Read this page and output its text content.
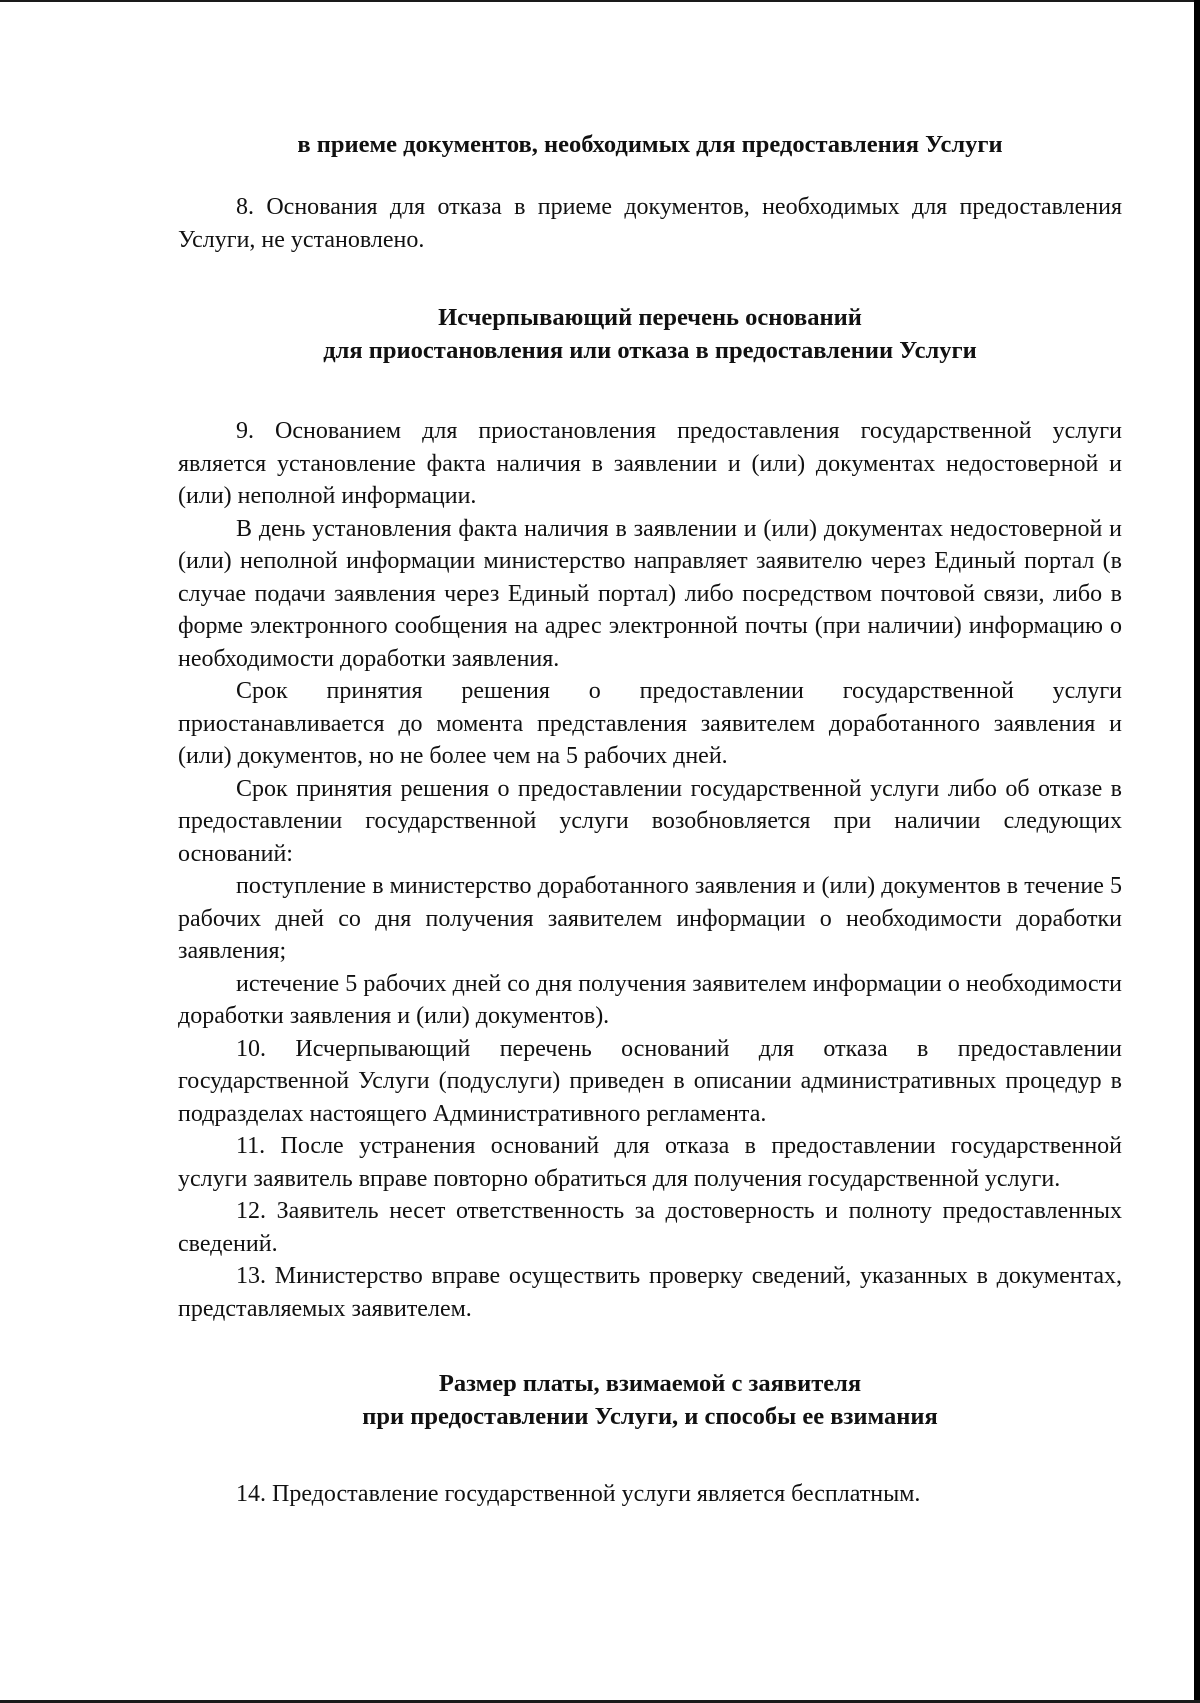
в приеме документов, необходимых для предоставления Услуги

8. Основания для отказа в приеме документов, необходимых для предоставления Услуги, не установлено.

Исчерпывающий перечень оснований
для приостановления или отказа в предоставлении Услуги

9. Основанием для приостановления предоставления государственной услуги является установление факта наличия в заявлении и (или) документах недостоверной и (или) неполной информации.

В день установления факта наличия в заявлении и (или) документах недостоверной и (или) неполной информации министерство направляет заявителю через Единый портал (в случае подачи заявления через Единый портал) либо посредством почтовой связи, либо в форме электронного сообщения на адрес электронной почты (при наличии) информацию о необходимости доработки заявления.

Срок принятия решения о предоставлении государственной услуги приостанавливается до момента представления заявителем доработанного заявления и (или) документов, но не более чем на 5 рабочих дней.

Срок принятия решения о предоставлении государственной услуги либо об отказе в предоставлении государственной услуги возобновляется при наличии следующих оснований:

поступление в министерство доработанного заявления и (или) документов в течение 5 рабочих дней со дня получения заявителем информации о необходимости доработки заявления;

истечение 5 рабочих дней со дня получения заявителем информации о необходимости доработки заявления и (или) документов).

10. Исчерпывающий перечень оснований для отказа в предоставлении государственной Услуги (подуслуги) приведен в описании административных процедур в подразделах настоящего Административного регламента.

11. После устранения оснований для отказа в предоставлении государственной услуги заявитель вправе повторно обратиться для получения государственной услуги.

12. Заявитель несет ответственность за достоверность и полноту предоставленных сведений.

13. Министерство вправе осуществить проверку сведений, указанных в документах, представляемых заявителем.

Размер платы, взимаемой с заявителя
при предоставлении Услуги, и способы ее взимания

14. Предоставление государственной услуги является бесплатным.
